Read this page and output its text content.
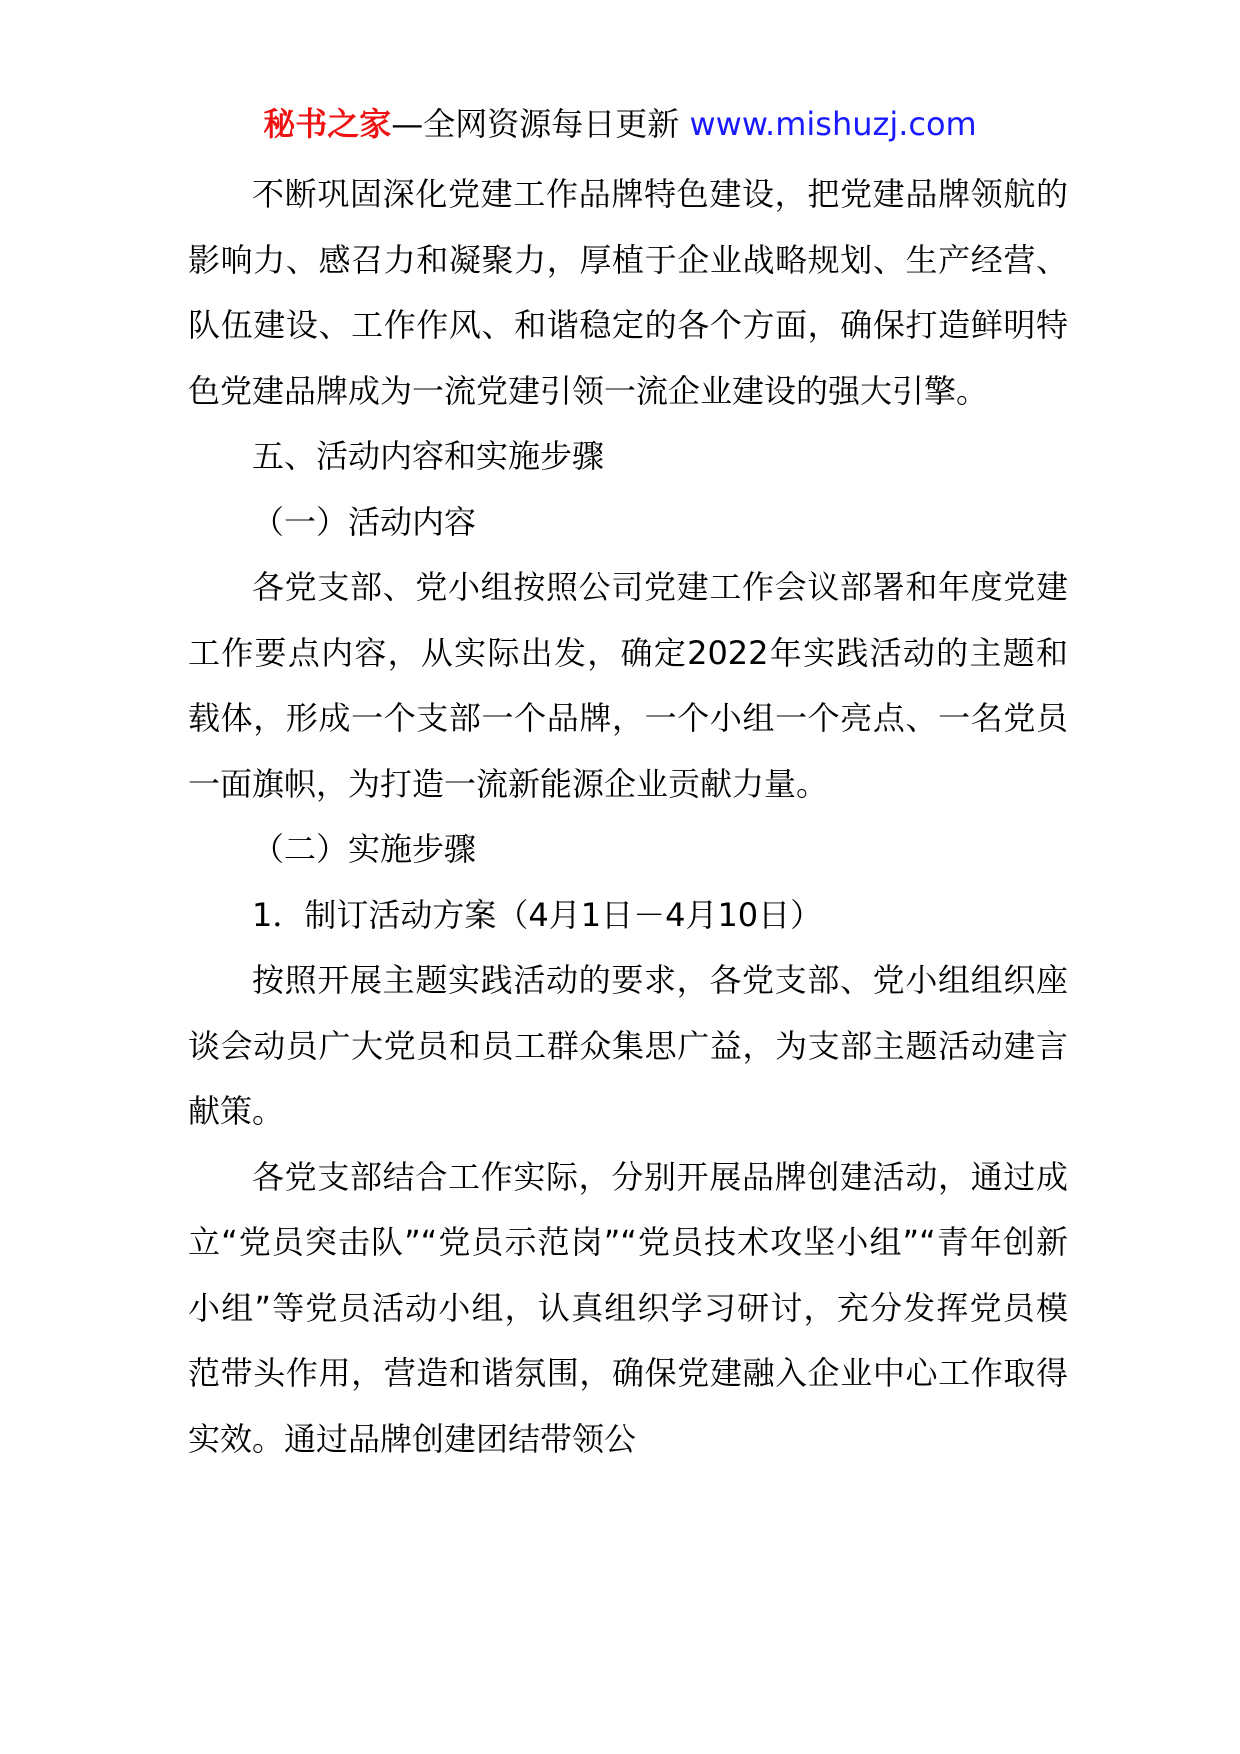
秘书之家—全网资源每日更新 www.mishuzj.com

不断巩固深化党建工作品牌特色建设，把党建品牌领航的影响力、感召力和凝聚力，厚植于企业战略规划、生产经营、队伍建设、工作作风、和谐稳定的各个方面，确保打造鲜明特色党建品牌成为一流党建引领一流企业建设的强大引擎。

五、活动内容和实施步骤

（一）活动内容

各党支部、党小组按照公司党建工作会议部署和年度党建工作要点内容，从实际出发，确定2022年实践活动的主题和载体，形成一个支部一个品牌，一个小组一个亮点、一名党员一面旗帜，为打造一流新能源企业贡献力量。

（二）实施步骤

1．制订活动方案（4月1日－4月10日）

按照开展主题实践活动的要求，各党支部、党小组组织座谈会动员广大党员和员工群众集思广益，为支部主题活动建言献策。

各党支部结合工作实际，分别开展品牌创建活动，通过成立“党员突击队”“党员示范岗”“党员技术攻坚小组”“青年创新小组”等党员活动小组，认真组织学习研讨，充分发挥党员模范带头作用，营造和谐氛围，确保党建融入企业中心工作取得实效。通过品牌创建团结带领公
